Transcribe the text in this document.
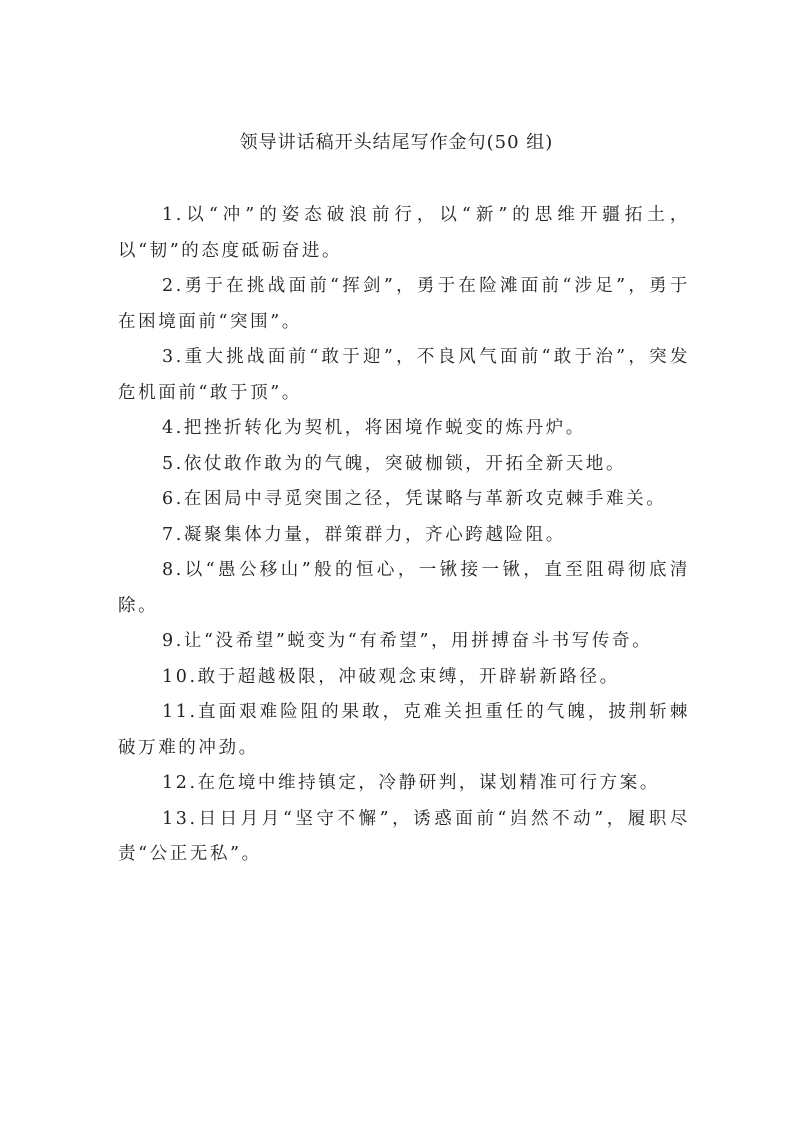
领导讲话稿开头结尾写作金句(50 组)

1.以“冲”的姿态破浪前行，以“新”的思维开疆拓土，以“韧”的态度砥砺奋进。

2.勇于在挑战面前“挥剑”，勇于在险滩面前“涉足”，勇于在困境面前“突围”。

3.重大挑战面前“敢于迎”，不良风气面前“敢于治”，突发危机面前“敢于顶”。

4.把挫折转化为契机，将困境作蜕变的炼丹炉。

5.依仗敢作敢为的气魄，突破枷锁，开拓全新天地。

6.在困局中寻觅突围之径，凭谋略与革新攻克棘手难关。

7.凝聚集体力量，群策群力，齐心跨越险阻。

8.以“愚公移山”般的恒心，一锹接一锹，直至阻碍彻底清除。

9.让“没希望”蜕变为“有希望”，用拼搏奋斗书写传奇。

10.敢于超越极限，冲破观念束缚，开辟崭新路径。

11.直面艰难险阻的果敢，克难关担重任的气魄，披荆斩棘破万难的冲劲。

12.在危境中维持镇定，冷静研判，谋划精准可行方案。

13.日日月月“坚守不懈”，诱惑面前“岿然不动”，履职尽责“公正无私”。
